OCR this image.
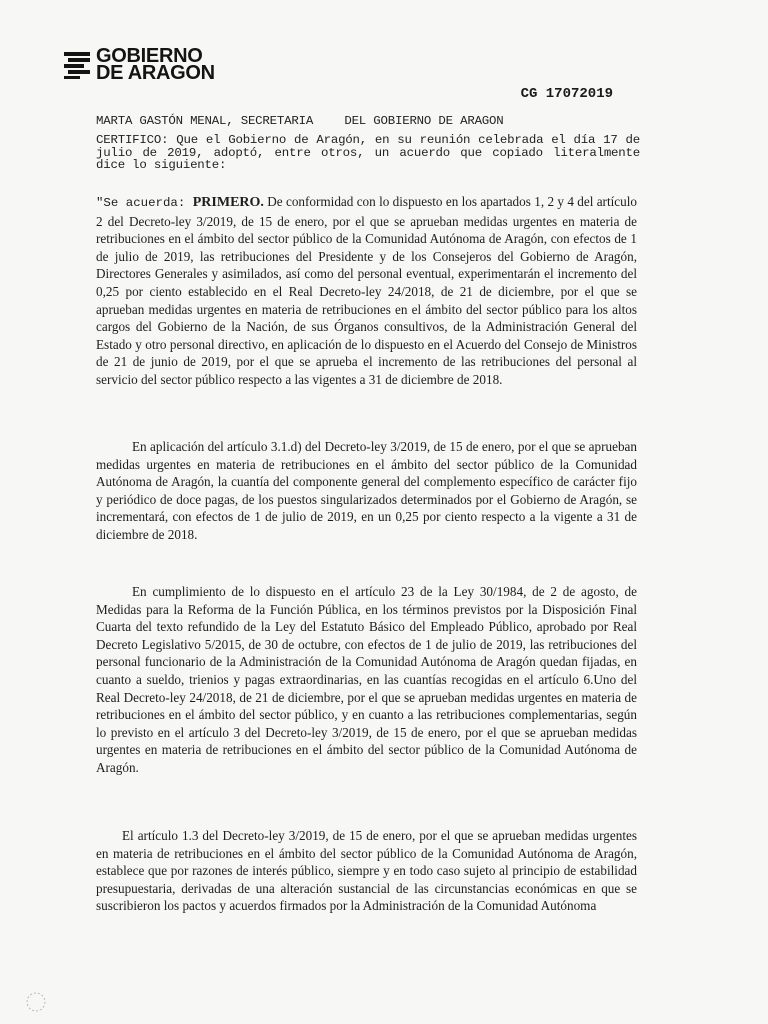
GOBIERNO
DE ARAGON
CG 17072019
MARTA GASTÓN MENAL, SECRETARIA	DEL GOBIERNO DE ARAGON
CERTIFICO: Que el Gobierno de Aragón, en su reunión celebrada el día 17 de julio de 2019, adoptó, entre otros, un acuerdo que copiado literalmente dice lo siguiente:
"Se acuerda: PRIMERO. De conformidad con lo dispuesto en los apartados 1, 2 y 4 del artículo 2 del Decreto-ley 3/2019, de 15 de enero, por el que se aprueban medidas urgentes en materia de retribuciones en el ámbito del sector público de la Comunidad Autónoma de Aragón, con efectos de 1 de julio de 2019, las retribuciones del Presidente y de los Consejeros del Gobierno de Aragón, Directores Generales y asimilados, así como del personal eventual, experimentarán el incremento del 0,25 por ciento establecido en el Real Decreto-ley 24/2018, de 21 de diciembre, por el que se aprueban medidas urgentes en materia de retribuciones en el ámbito del sector público para los altos cargos del Gobierno de la Nación, de sus Órganos consultivos, de la Administración General del Estado y otro personal directivo, en aplicación de lo dispuesto en el Acuerdo del Consejo de Ministros de 21 de junio de 2019, por el que se aprueba el incremento de las retribuciones del personal al servicio del sector público respecto a las vigentes a 31 de diciembre de 2018.
En aplicación del artículo 3.1.d) del Decreto-ley 3/2019, de 15 de enero, por el que se aprueban medidas urgentes en materia de retribuciones en el ámbito del sector público de la Comunidad Autónoma de Aragón, la cuantía del componente general del complemento específico de carácter fijo y periódico de doce pagas, de los puestos singularizados determinados por el Gobierno de Aragón, se incrementará, con efectos de 1 de julio de 2019, en un 0,25 por ciento respecto a la vigente a 31 de diciembre de 2018.
En cumplimiento de lo dispuesto en el artículo 23 de la Ley 30/1984, de 2 de agosto, de Medidas para la Reforma de la Función Pública, en los términos previstos por la Disposición Final Cuarta del texto refundido de la Ley del Estatuto Básico del Empleado Público, aprobado por Real Decreto Legislativo 5/2015, de 30 de octubre, con efectos de 1 de julio de 2019, las retribuciones del personal funcionario de la Administración de la Comunidad Autónoma de Aragón quedan fijadas, en cuanto a sueldo, trienios y pagas extraordinarias, en las cuantías recogidas en el artículo 6.Uno del Real Decreto-ley 24/2018, de 21 de diciembre, por el que se aprueban medidas urgentes en materia de retribuciones en el ámbito del sector público, y en cuanto a las retribuciones complementarias, según lo previsto en el artículo 3 del Decreto-ley 3/2019, de 15 de enero, por el que se aprueban medidas urgentes en materia de retribuciones en el ámbito del sector público de la Comunidad Autónoma de Aragón.
El artículo 1.3 del Decreto-ley 3/2019, de 15 de enero, por el que se aprueban medidas urgentes en materia de retribuciones en el ámbito del sector público de la Comunidad Autónoma de Aragón, establece que por razones de interés público, siempre y en todo caso sujeto al principio de estabilidad presupuestaria, derivadas de una alteración sustancial de las circunstancias económicas en que se suscribieron los pactos y acuerdos firmados por la Administración de la Comunidad Autónoma
